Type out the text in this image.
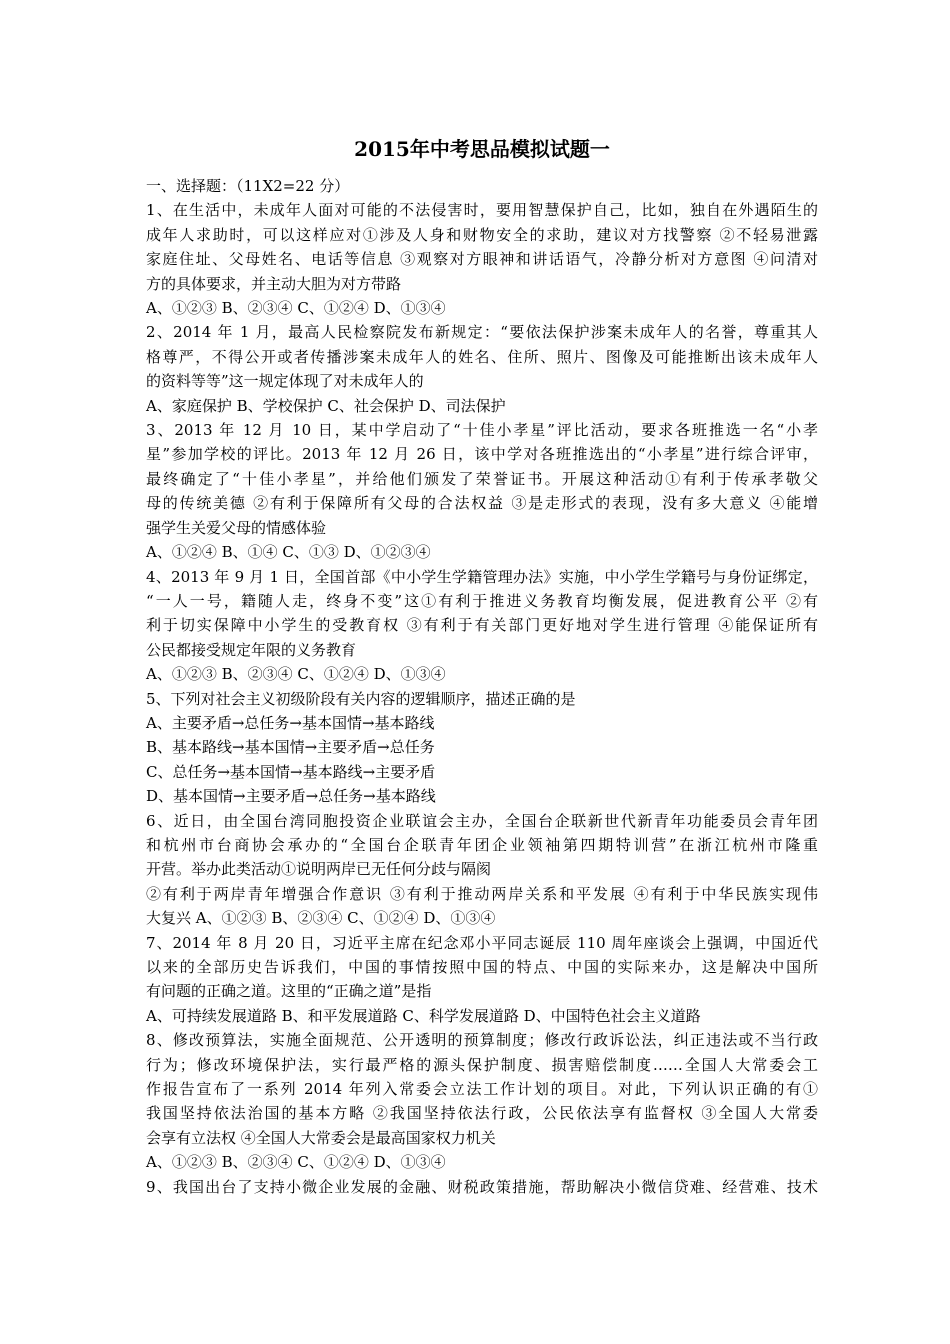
2015年中考思品模拟试题一
一、选择题：（11X2=22 分）
1、在生活中，未成年人面对可能的不法侵害时，要用智慧保护自己，比如，独自在外遇陌生的
成年人求助时，可以这样应对①涉及人身和财物安全的求助，建议对方找警察 ②不轻易泄露
家庭住址、父母姓名、电话等信息 ③观察对方眼神和讲话语气，冷静分析对方意图 ④问清对
方的具体要求，并主动大胆为对方带路
A、①②③ B、②③④ C、①②④ D、①③④
2、2014 年 1 月，最高人民检察院发布新规定：“要依法保护涉案未成年人的名誉，尊重其人
格尊严，不得公开或者传播涉案未成年人的姓名、住所、照片、图像及可能推断出该未成年人
的资料等等”这一规定体现了对未成年人的
A、家庭保护 B、学校保护 C、社会保护 D、司法保护
3、2013 年 12 月 10 日，某中学启动了“十佳小孝星”评比活动，要求各班推选一名“小孝
星”参加学校的评比。2013 年 12 月 26 日，该中学对各班推选出的“小孝星”进行综合评审，
最终确定了“十佳小孝星”，并给他们颁发了荣誉证书。开展这种活动①有利于传承孝敬父
母的传统美德 ②有利于保障所有父母的合法权益 ③是走形式的表现，没有多大意义 ④能增
强学生关爱父母的情感体验
A、①②④ B、①④ C、①③ D、①②③④
4、2013 年 9 月 1 日，全国首部《中小学生学籍管理办法》实施，中小学生学籍号与身份证绑定，
“一人一号，籍随人走，终身不变”这①有利于推进义务教育均衡发展，促进教育公平 ②有
利于切实保障中小学生的受教育权 ③有利于有关部门更好地对学生进行管理 ④能保证所有
公民都接受规定年限的义务教育
A、①②③ B、②③④ C、①②④ D、①③④
5、下列对社会主义初级阶段有关内容的逻辑顺序，描述正确的是
A、主要矛盾→总任务→基本国情→基本路线
B、基本路线→基本国情→主要矛盾→总任务
C、总任务→基本国情→基本路线→主要矛盾
D、基本国情→主要矛盾→总任务→基本路线
6、近日，由全国台湾同胞投资企业联谊会主办，全国台企联新世代新青年功能委员会青年团
和杭州市台商协会承办的“全国台企联青年团企业领袖第四期特训营”在浙江杭州市隆重
开营。举办此类活动①说明两岸已无任何分歧与隔阂
②有利于两岸青年增强合作意识 ③有利于推动两岸关系和平发展 ④有利于中华民族实现伟
大复兴 A、①②③ B、②③④ C、①②④ D、①③④
7、2014 年 8 月 20 日，习近平主席在纪念邓小平同志诞辰 110 周年座谈会上强调，中国近代
以来的全部历史告诉我们，中国的事情按照中国的特点、中国的实际来办，这是解决中国所
有问题的正确之道。这里的“正确之道”是指
A、可持续发展道路 B、和平发展道路 C、科学发展道路 D、中国特色社会主义道路
8、修改预算法，实施全面规范、公开透明的预算制度；修改行政诉讼法，纠正违法或不当行政
行为；修改环境保护法，实行最严格的源头保护制度、损害赔偿制度……全国人大常委会工
作报告宣布了一系列 2014 年列入常委会立法工作计划的项目。对此，下列认识正确的有①
我国坚持依法治国的基本方略 ②我国坚持依法行政，公民依法享有监督权 ③全国人大常委
会享有立法权 ④全国人大常委会是最高国家权力机关
A、①②③ B、②③④ C、①②④ D、①③④
9、我国出台了支持小微企业发展的金融、财税政策措施，帮助解决小微信贷难、经营难、技术
